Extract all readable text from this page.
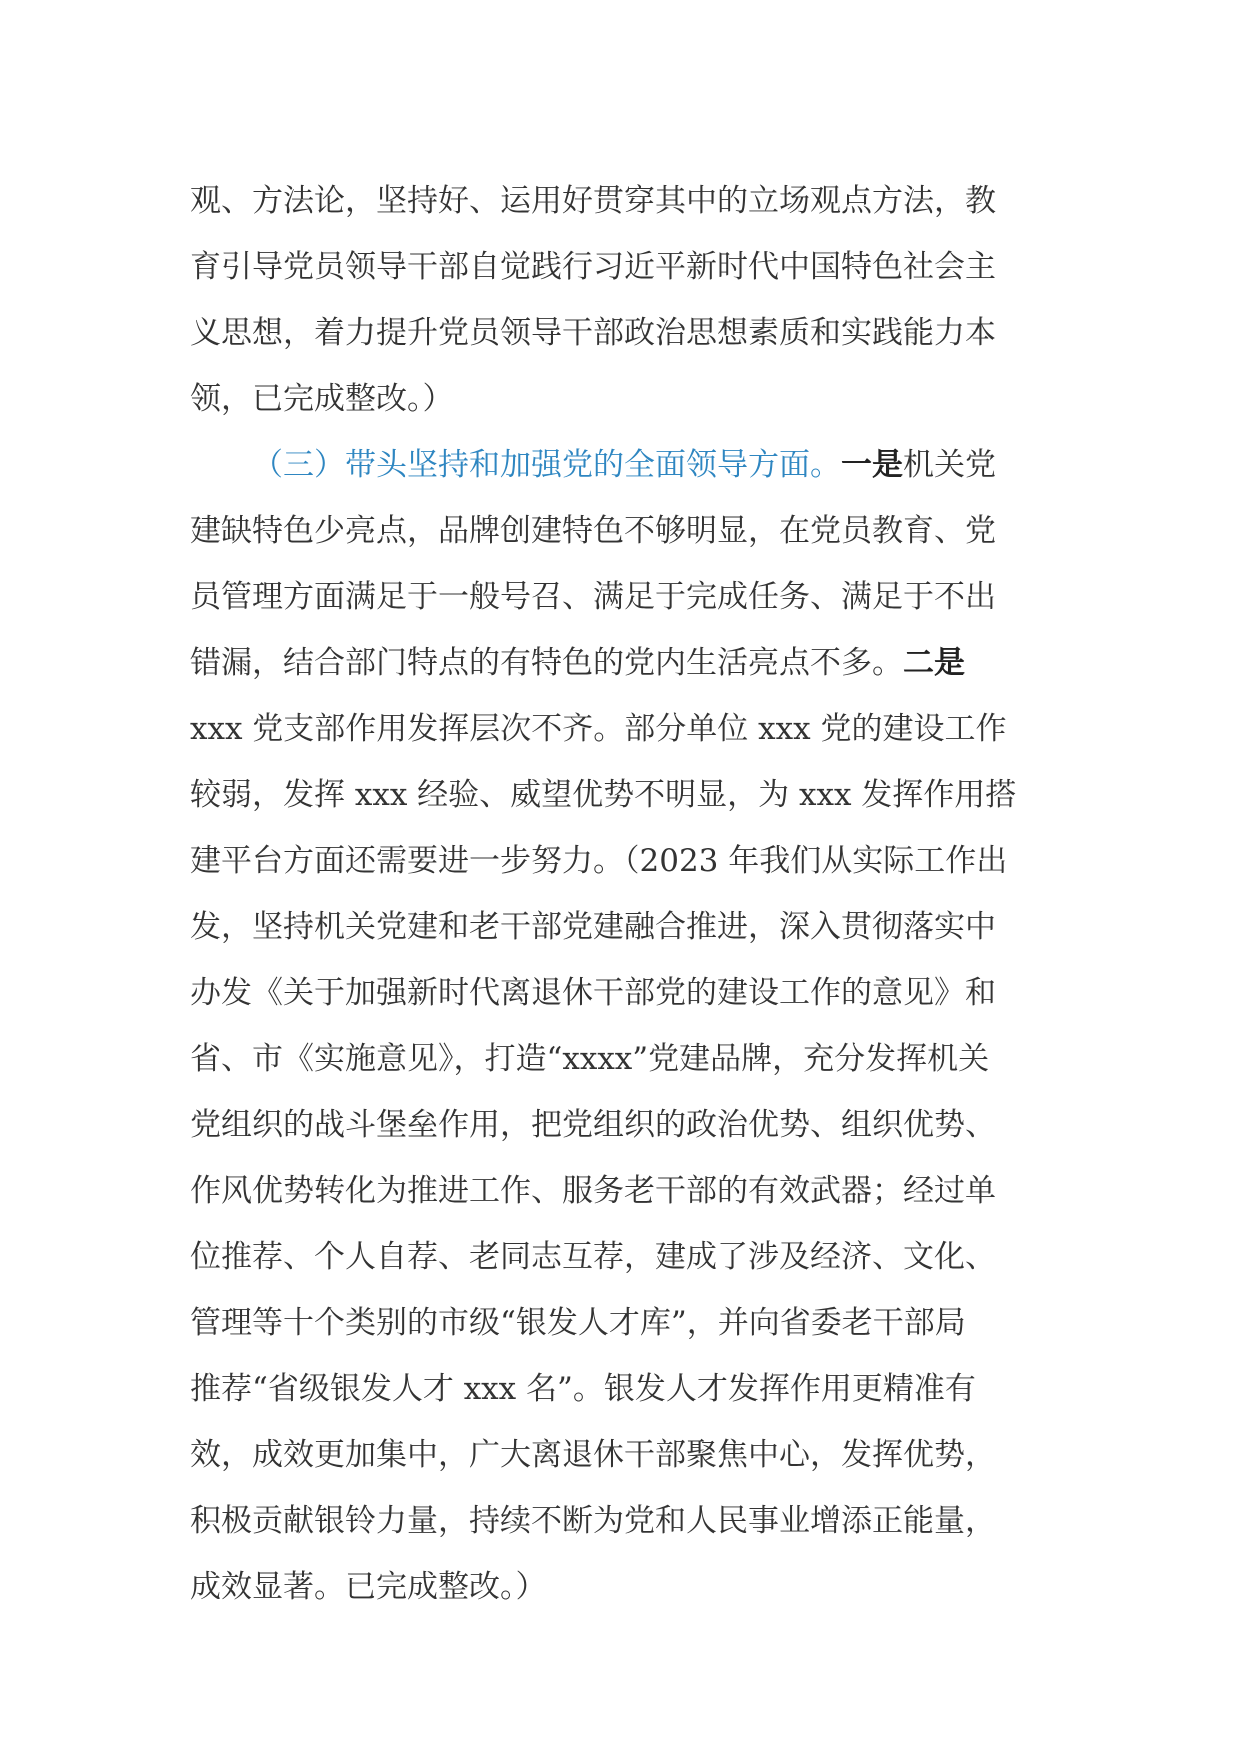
观、方法论，坚持好、运用好贯穿其中的立场观点方法，教
育引导党员领导干部自觉践行习近平新时代中国特色社会主
义思想，着力提升党员领导干部政治思想素质和实践能力本
领，已完成整改。）
（三）带头坚持和加强党的全面领导方面。一是机关党
建缺特色少亮点，品牌创建特色不够明显，在党员教育、党
员管理方面满足于一般号召、满足于完成任务、满足于不出
错漏，结合部门特点的有特色的党内生活亮点不多。二是
xxx 党支部作用发挥层次不齐。部分单位 xxx 党的建设工作
较弱，发挥 xxx 经验、威望优势不明显，为 xxx 发挥作用搭
建平台方面还需要进一步努力。（2023 年我们从实际工作出
发，坚持机关党建和老干部党建融合推进，深入贯彻落实中
办发《关于加强新时代离退休干部党的建设工作的意见》和
省、市《实施意见》，打造“xxxx”党建品牌，充分发挥机关
党组织的战斗堡垒作用，把党组织的政治优势、组织优势、
作风优势转化为推进工作、服务老干部的有效武器；经过单
位推荐、个人自荐、老同志互荐，建成了涉及经济、文化、
管理等十个类别的市级“银发人才库”，并向省委老干部局
推荐“省级银发人才 xxx 名”。银发人才发挥作用更精准有
效，成效更加集中，广大离退休干部聚焦中心，发挥优势，
积极贡献银铃力量，持续不断为党和人民事业增添正能量，
成效显著。已完成整改。）
